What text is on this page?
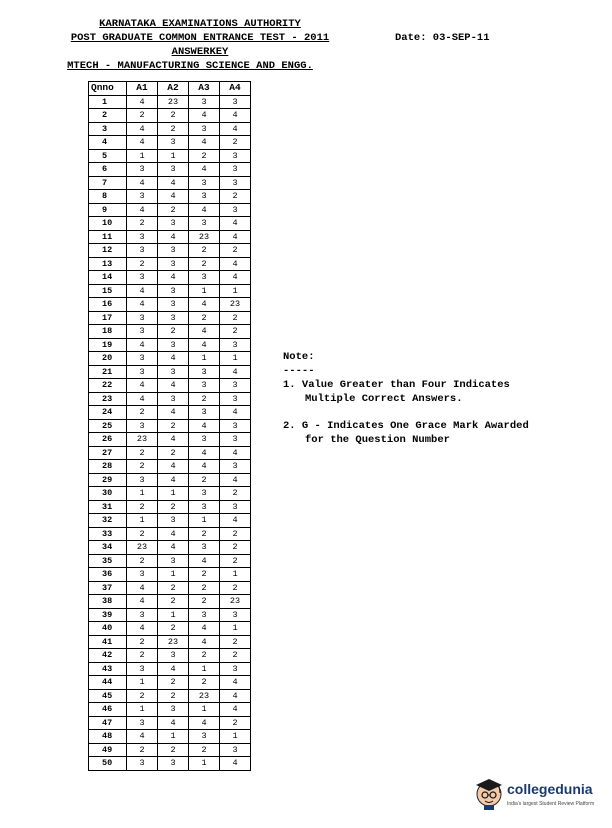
KARNATAKA EXAMINATIONS AUTHORITY
POST GRADUATE COMMON ENTRANCE TEST - 2011
ANSWERKEY
MTECH - MANUFACTURING SCIENCE AND ENGG.
Date: 03-SEP-11
Qnno	A1	A2	A3	A4
1	4	23	3	3
2	2	2	4	4
3	4	2	3	4
4	4	3	4	2
5	1	1	2	3
6	3	3	4	3
7	4	4	3	3
8	3	4	3	2
9	4	2	4	3
10	2	3	3	4
11	3	4	23	4
12	3	3	2	2
13	2	3	2	4
14	3	4	3	4
15	4	3	1	1
16	4	3	4	23
17	3	3	2	2
18	3	2	4	2
19	4	3	4	3
20	3	4	1	1
21	3	3	3	4
22	4	4	3	3
23	4	3	2	3
24	2	4	3	4
25	3	2	4	3
26	23	4	3	3
27	2	2	4	4
28	2	4	4	3
29	3	4	2	4
30	1	1	3	2
31	2	2	3	3
32	1	3	1	4
33	2	4	2	2
34	23	4	3	2
35	2	3	4	2
36	3	1	2	1
37	4	2	2	2
38	4	2	2	23
39	3	1	3	3
40	4	2	4	1
41	2	23	4	2
42	2	3	2	2
43	3	4	1	3
44	1	2	2	4
45	2	2	23	4
46	1	3	1	4
47	3	4	4	2
48	4	1	3	1
49	2	2	2	3
50	3	3	1	4
Note:
-----
1. Value Greater than Four Indicates
Multiple Correct Answers.
2. G - Indicates One Grace Mark Awarded
for the Question Number
collegedunia
India's largest Student Review Platform
